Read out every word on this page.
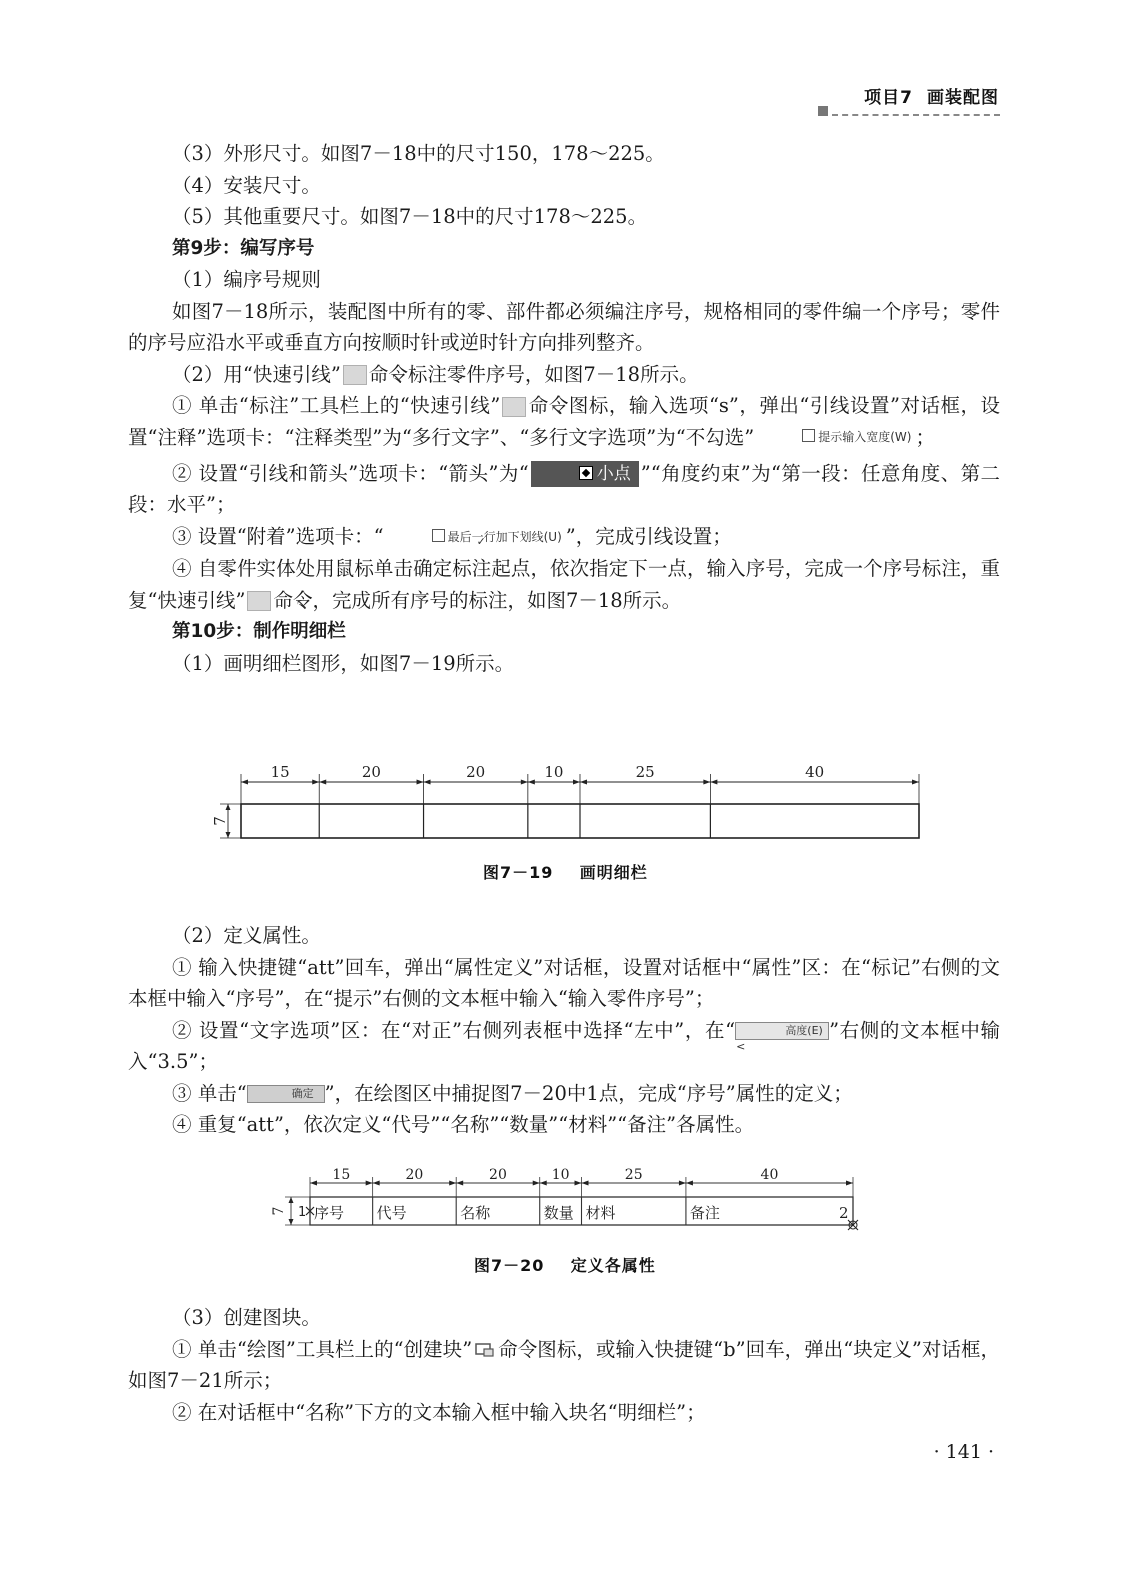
项目7 画装配图

（3）外形尺寸。如图7－18中的尺寸150，178～225。

（4）安装尺寸。

（5）其他重要尺寸。如图7－18中的尺寸178～225。

第9步：编写序号

（1）编序号规则

如图7－18所示，装配图中所有的零、部件都必须编注序号，规格相同的零件编一个序号；零件的序号应沿水平或垂直方向按顺时针或逆时针方向排列整齐。

（2）用“快速引线” ↖ 命令标注零件序号，如图7－18所示。

① 单击“标注”工具栏上的“快速引线” ↖ 命令图标，输入选项“s”，弹出“引线设置”对话框，设置“注释”选项卡：“注释类型”为“多行文字”、“多行文字选项”为“不勾选”	提示输入宽度(W) ；

② 设置“引线和箭头”选项卡：“箭头”为“	小点 ”“角度约束”为“第一段：任意角度、第二段：水平”；

③ 设置“附着”选项卡：“ ✓	最后一行加下划线(U) ”，完成引线设置；

④ 自零件实体处用鼠标单击确定标注起点，依次指定下一点，输入序号，完成一个序号标注，重复“快速引线” ↖ 命令，完成所有序号的标注，如图7－18所示。

第10步：制作明细栏

（1）画明细栏图形，如图7－19所示。

15	20	20	10	25	40
7
图7－19 画明细栏

（2）定义属性。

① 输入快捷键“att”回车，弹出“属性定义”对话框，设置对话框中“属性”区：在“标记”右侧的文本框中输入“序号”，在“提示”右侧的文本框中输入“输入零件序号”；

② 设置“文字选项”区：在“对正”右侧列表框中选择“左中”，在“	高度(E) <”右侧的文本框中输入“3.5”；

③ 单击“	确定 ”，在绘图区中捕捉图7－20中1点，完成“序号”属性的定义；

④ 重复“att”，依次定义“代号”“名称”“数量”“材料”“备注”各属性。

15
序号
20
代号
20
名称
10
数量
25
材料
40
备注
7 1	2
图7－20 定义各属性

（3）创建图块。

① 单击“绘图”工具栏上的“创建块” 命令图标，或输入快捷键“b”回车，弹出“块定义”对话框，如图7－21所示；

② 在对话框中“名称”下方的文本输入框中输入块名“明细栏”；

· 141 ·
